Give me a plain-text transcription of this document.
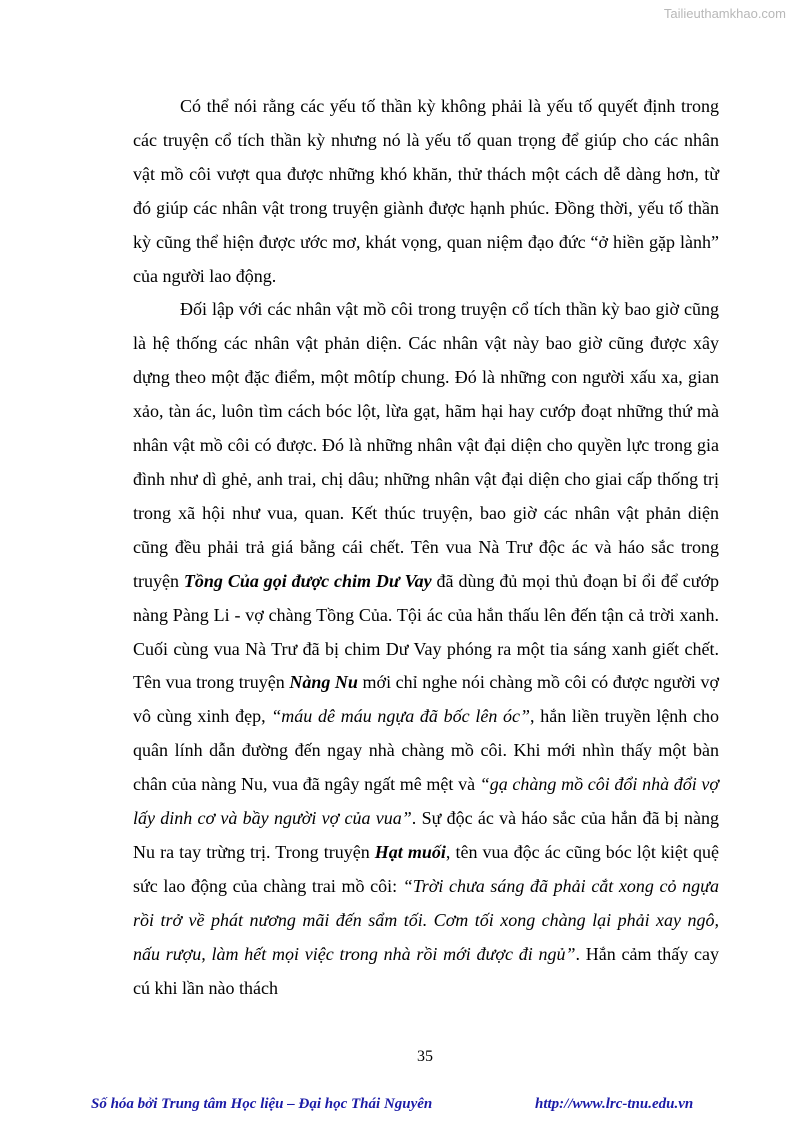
Tailieuthamkhao.com

Có thể nói rằng các yếu tố thần kỳ không phải là yếu tố quyết định trong các truyện cổ tích thần kỳ nhưng nó là yếu tố quan trọng để giúp cho các nhân vật mồ côi vượt qua được những khó khăn, thử thách một cách dễ dàng hơn, từ đó giúp các nhân vật trong truyện giành được hạnh phúc. Đồng thời, yếu tố thần kỳ cũng thể hiện được ước mơ, khát vọng, quan niệm đạo đức “ở hiền gặp lành” của người lao động.

Đối lập với các nhân vật mồ côi trong truyện cổ tích thần kỳ bao giờ cũng là hệ thống các nhân vật phản diện. Các nhân vật này bao giờ cũng được xây dựng theo một đặc điểm, một môtíp chung. Đó là những con người xấu xa, gian xảo, tàn ác, luôn tìm cách bóc lột, lừa gạt, hãm hại hay cướp đoạt những thứ mà nhân vật mồ côi có được. Đó là những nhân vật đại diện cho quyền lực trong gia đình như dì ghẻ, anh trai, chị dâu; những nhân vật đại diện cho giai cấp thống trị trong xã hội như vua, quan. Kết thúc truyện, bao giờ các nhân vật phản diện cũng đều phải trả giá bằng cái chết. Tên vua Nà Trư độc ác và háo sắc trong truyện Tồng Của gọi được chim Dư Vay đã dùng đủ mọi thủ đoạn bỉ ổi để cướp nàng Pàng Li - vợ chàng Tồng Của. Tội ác của hắn thấu lên đến tận cả trời xanh. Cuối cùng vua Nà Trư đã bị chim Dư Vay phóng ra một tia sáng xanh giết chết. Tên vua trong truyện Nàng Nu mới chỉ nghe nói chàng mồ côi có được người vợ vô cùng xinh đẹp, “máu dê máu ngựa đã bốc lên óc”, hắn liền truyền lệnh cho quân lính dẫn đường đến ngay nhà chàng mồ côi. Khi mới nhìn thấy một bàn chân của nàng Nu, vua đã ngây ngất mê mệt và “gạ chàng mồ côi đổi nhà đổi vợ lấy dinh cơ và bầy người vợ của vua”. Sự độc ác và háo sắc của hắn đã bị nàng Nu ra tay trừng trị. Trong truyện Hạt muối, tên vua độc ác cũng bóc lột kiệt quệ sức lao động của chàng trai mồ côi: “Trời chưa sáng đã phải cắt xong cỏ ngựa rồi trở về phát nương mãi đến sẩm tối. Cơm tối xong chàng lại phải xay ngô, nấu rượu, làm hết mọi việc trong nhà rồi mới được đi ngủ”. Hắn cảm thấy cay cú khi lần nào thách

35
Số hóa bởi Trung tâm Học liệu – Đại học Thái Nguyên	http://www.lrc-tnu.edu.vn
